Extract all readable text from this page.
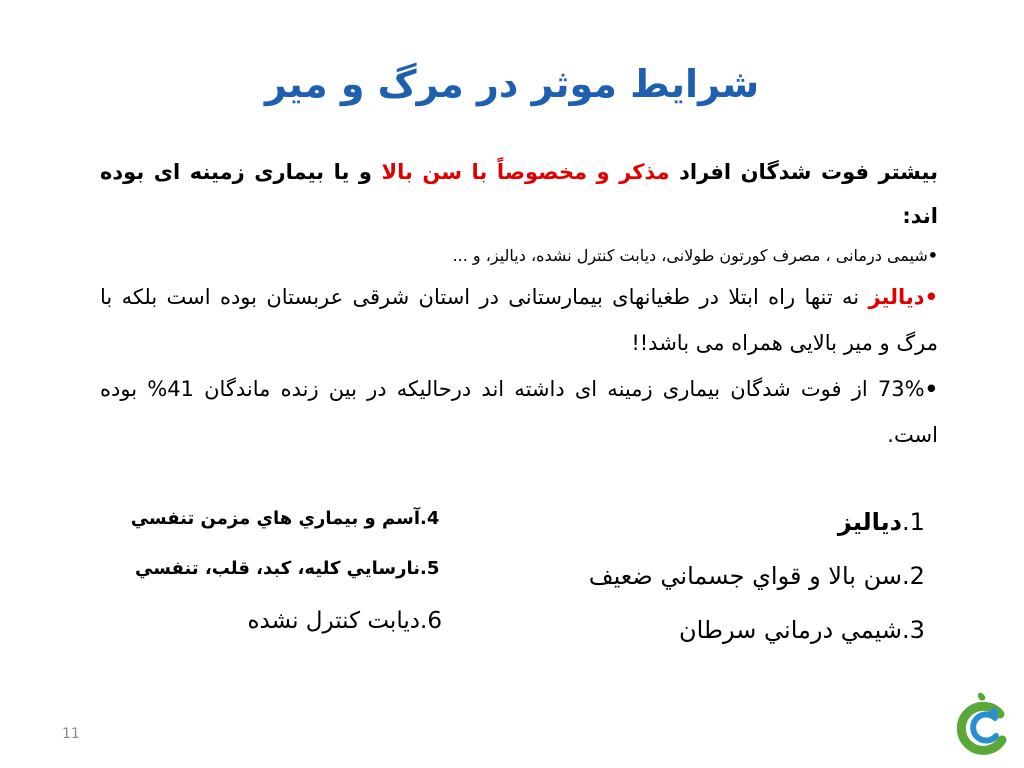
شرایط موثر در مرگ و میر

بیشتر فوت شدگان افراد مذکر و مخصوصاً با سن بالا و یا بیماری زمینه ای بوده اند:

•شیمی درمانی ، مصرف کورتون طولانی، دیابت کنترل نشده، دیالیز، و ...

•دیالیز نه تنها راه ابتلا در طغیانهای بیمارستانی در استان شرقی عربستان بوده است بلکه با مرگ و میر بالایی همراه می باشد!!

•73% از فوت شدگان بیماری زمینه ای داشته اند درحالیکه در بین زنده ماندگان 41% بوده است.

1.
دیالیز
2.
سن بالا و قواي جسماني ضعيف
3.
شيمي درماني سرطان
4.
آسم و بيماري هاي مزمن تنفسي
5.
نارسايي كليه، كبد، قلب، تنفسي
6.
ديابت كنترل نشده
11
